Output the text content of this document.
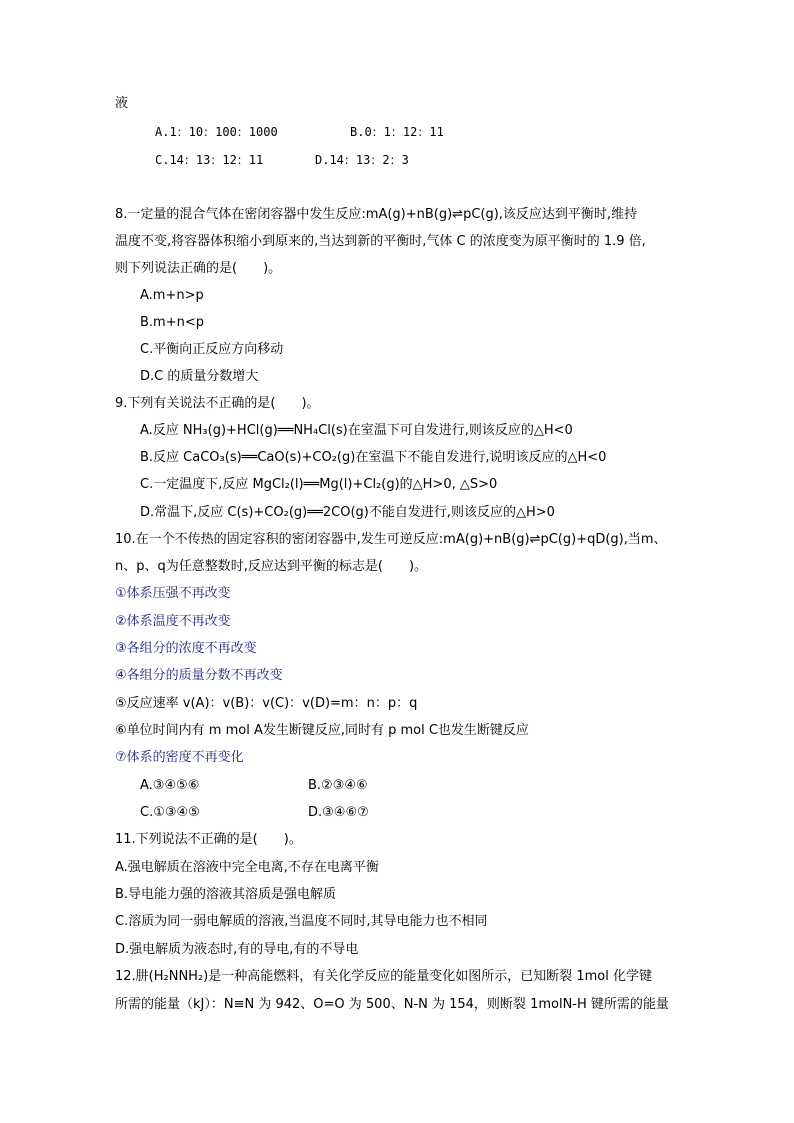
液
A.1：10：100：1000	B.0：1：12：11
C.14：13：12：11	D.14：13：2：3
8.一定量的混合气体在密闭容器中发生反应:mA(g)+nB(g)⇌pC(g),该反应达到平衡时,维持
温度不变,将容器体积缩小到原来的,当达到新的平衡时,气体 C 的浓度变为原平衡时的 1.9 倍,
则下列说法正确的是(　　)。
A.m+n>p
B.m+n<p
C.平衡向正反应方向移动
D.C 的质量分数增大
9.下列有关说法不正确的是(　　)。
A.反应 NH₃(g)+HCl(g)══NH₄Cl(s)在室温下可自发进行,则该反应的△H<0
B.反应 CaCO₃(s)══CaO(s)+CO₂(g)在室温下不能自发进行,说明该反应的△H<0
C.一定温度下,反应 MgCl₂(l)══Mg(l)+Cl₂(g)的△H>0, △S>0
D.常温下,反应 C(s)+CO₂(g)══2CO(g)不能自发进行,则该反应的△H>0
10.在一个不传热的固定容积的密闭容器中,发生可逆反应:mA(g)+nB(g)⇌pC(g)+qD(g),当m、
n、p、q为任意整数时,反应达到平衡的标志是(　　)。
①体系压强不再改变
②体系温度不再改变
③各组分的浓度不再改变
④各组分的质量分数不再改变
⑤反应速率 v(A)：v(B)：v(C)：v(D)=m：n：p：q
⑥单位时间内有 m mol A发生断键反应,同时有 p mol C也发生断键反应
⑦体系的密度不再变化
A.③④⑤⑥	B.②③④⑥
C.①③④⑤	D.③④⑥⑦
11.下列说法不正确的是(　　)。
A.强电解质在溶液中完全电离,不存在电离平衡
B.导电能力强的溶液其溶质是强电解质
C.溶质为同一弱电解质的溶液,当温度不同时,其导电能力也不相同
D.强电解质为液态时,有的导电,有的不导电
12.肼(H₂NNH₂)是一种高能燃料，有关化学反应的能量变化如图所示，已知断裂 1mol 化学键
所需的能量（kJ）：N≡N 为 942、O=O 为 500、N-N 为 154，则断裂 1molN-H 键所需的能量
